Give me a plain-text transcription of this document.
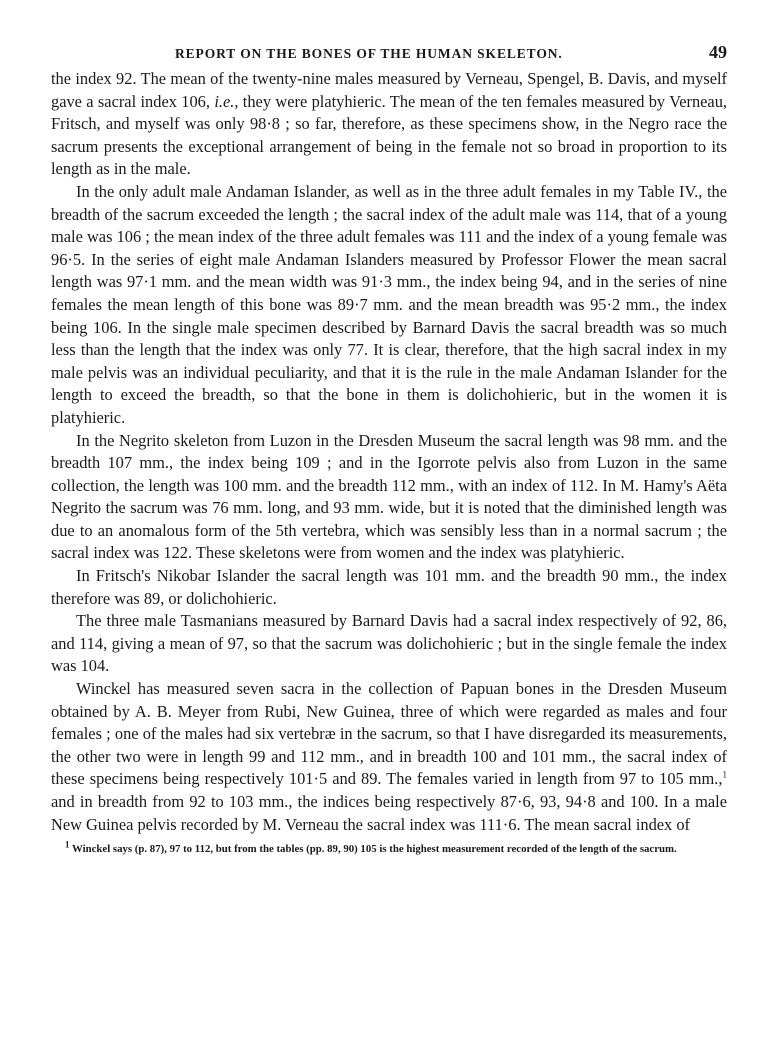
REPORT ON THE BONES OF THE HUMAN SKELETON.	49

the index 92. The mean of the twenty-nine males measured by Verneau, Spengel, B. Davis, and myself gave a sacral index 106, i.e., they were platyhieric. The mean of the ten females measured by Verneau, Fritsch, and myself was only 98·8 ; so far, therefore, as these specimens show, in the Negro race the sacrum presents the exceptional arrangement of being in the female not so broad in proportion to its length as in the male.

In the only adult male Andaman Islander, as well as in the three adult females in my Table IV., the breadth of the sacrum exceeded the length ; the sacral index of the adult male was 114, that of a young male was 106 ; the mean index of the three adult females was 111 and the index of a young female was 96·5. In the series of eight male Andaman Islanders measured by Professor Flower the mean sacral length was 97·1 mm. and the mean width was 91·3 mm., the index being 94, and in the series of nine females the mean length of this bone was 89·7 mm. and the mean breadth was 95·2 mm., the index being 106. In the single male specimen described by Barnard Davis the sacral breadth was so much less than the length that the index was only 77. It is clear, therefore, that the high sacral index in my male pelvis was an individual peculiarity, and that it is the rule in the male Andaman Islander for the length to exceed the breadth, so that the bone in them is dolichohieric, but in the women it is platyhieric.

In the Negrito skeleton from Luzon in the Dresden Museum the sacral length was 98 mm. and the breadth 107 mm., the index being 109 ; and in the Igorrote pelvis also from Luzon in the same collection, the length was 100 mm. and the breadth 112 mm., with an index of 112. In M. Hamy's Aëta Negrito the sacrum was 76 mm. long, and 93 mm. wide, but it is noted that the diminished length was due to an anomalous form of the 5th vertebra, which was sensibly less than in a normal sacrum ; the sacral index was 122. These skeletons were from women and the index was platyhieric.

In Fritsch's Nikobar Islander the sacral length was 101 mm. and the breadth 90 mm., the index therefore was 89, or dolichohieric.

The three male Tasmanians measured by Barnard Davis had a sacral index respectively of 92, 86, and 114, giving a mean of 97, so that the sacrum was dolichohieric ; but in the single female the index was 104.

Winckel has measured seven sacra in the collection of Papuan bones in the Dresden Museum obtained by A. B. Meyer from Rubi, New Guinea, three of which were regarded as males and four females ; one of the males had six vertebræ in the sacrum, so that I have disregarded its measurements, the other two were in length 99 and 112 mm., and in breadth 100 and 101 mm., the sacral index of these specimens being respectively 101·5 and 89. The females varied in length from 97 to 105 mm.,$^1$ and in breadth from 92 to 103 mm., the indices being respectively 87·6, 93, 94·8 and 100. In a male New Guinea pelvis recorded by M. Verneau the sacral index was 111·6. The mean sacral index of

$^1$ Winckel says (p. 87), 97 to 112, but from the tables (pp. 89, 90) 105 is the highest measurement recorded of the length of the sacrum.
